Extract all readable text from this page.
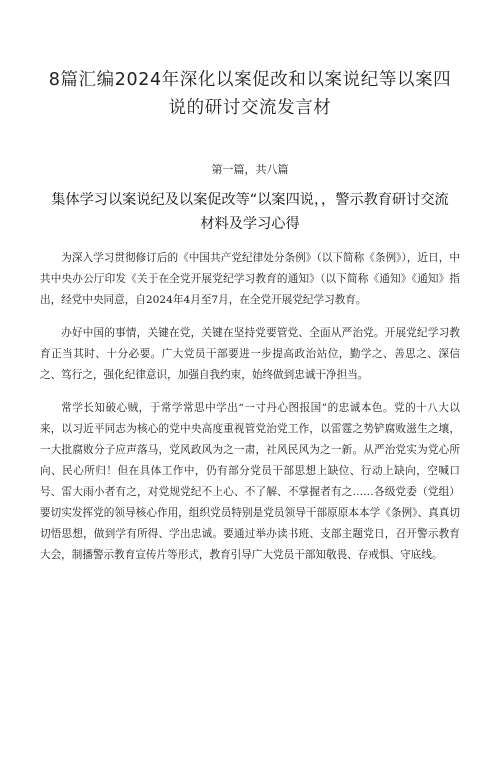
8篇汇编2024年深化以案促改和以案说纪等以案四
说的研讨交流发言材
第一篇，共八篇
集体学习以案说纪及以案促改等“以案四说，，警示教育研讨交流材料及学习心得

为深入学习贯彻修订后的《中国共产党纪律处分条例》（以下简称《条例》），近日，中共中央办公厅印发《关于在全党开展党纪学习教育的通知》（以下简称《通知》《通知》指出，经党中央同意，自2024年4月至7月，在全党开展党纪学习教育。

办好中国的事情，关键在党，关键在坚持党要管党、全面从严治党。开展党纪学习教育正当其时、十分必要。广大党员干部要进一步提高政治站位，勤学之、善思之、深信之、笃行之，强化纪律意识，加强自我约束，始终做到忠诚干净担当。

常学长知破心贼，于常学常思中学出“一寸丹心图报国”的忠诚本色。党的十八大以来，以习近平同志为核心的党中央高度重视管党治党工作，以雷霆之势铲腐败滋生之壤，一大批腐败分子应声落马，党风政风为之一肃，社风民风为之一新。从严治党实为党心所向、民心所归！但在具体工作中，仍有部分党员干部思想上缺位、行动上缺向，空喊口号、雷大雨小者有之，对党规党纪不上心、不了解、不掌握者有之……各级党委（党组）要切实发挥党的领导核心作用，组织党员特别是党员领导干部原原本本学《条例》、真真切切悟思想，做到学有所得、学出忠诚。要通过举办读书班、支部主题党日，召开警示教育大会，制播警示教育宣传片等形式，教育引导广大党员干部知敬畏、存戒惧、守底线。
